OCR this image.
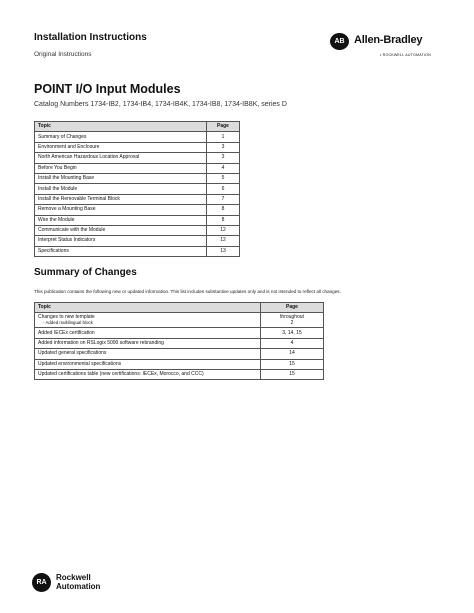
Installation Instructions
Original Instructions
AB Allen-Bradley
• ROCKWELL AUTOMATION
POINT I/O Input Modules
Catalog Numbers 1734-IB2, 1734-IB4, 1734-IB4K, 1734-IB8, 1734-IB8K, series D
Topic	Page
Summary of Changes	1
Environment and Enclosure	3
North American Hazardous Location Approval	3
Before You Begin	4
Install the Mounting Base	5
Install the Module	6
Install the Removable Terminal Block	7
Remove a Mounting Base	8
Wire the Module	8
Communicate with the Module	12
Interpret Status Indicators	12
Specifications	13
Summary of Changes
This publication contains the following new or updated information. This list includes substantive updates only and is not intended to reflect all changes.
Topic	Page
Changes to new template
- Added multilingual block	throughout
2
Added IECEx certification	3, 14, 15
Added information on RSLogix 5000 software rebranding	4
Updated general specifications	14
Updated environmental specifications	15
Updated certifications table (new certifications: IECEx, Morocco, and CCC)	15
RA
Rockwell
Automation
